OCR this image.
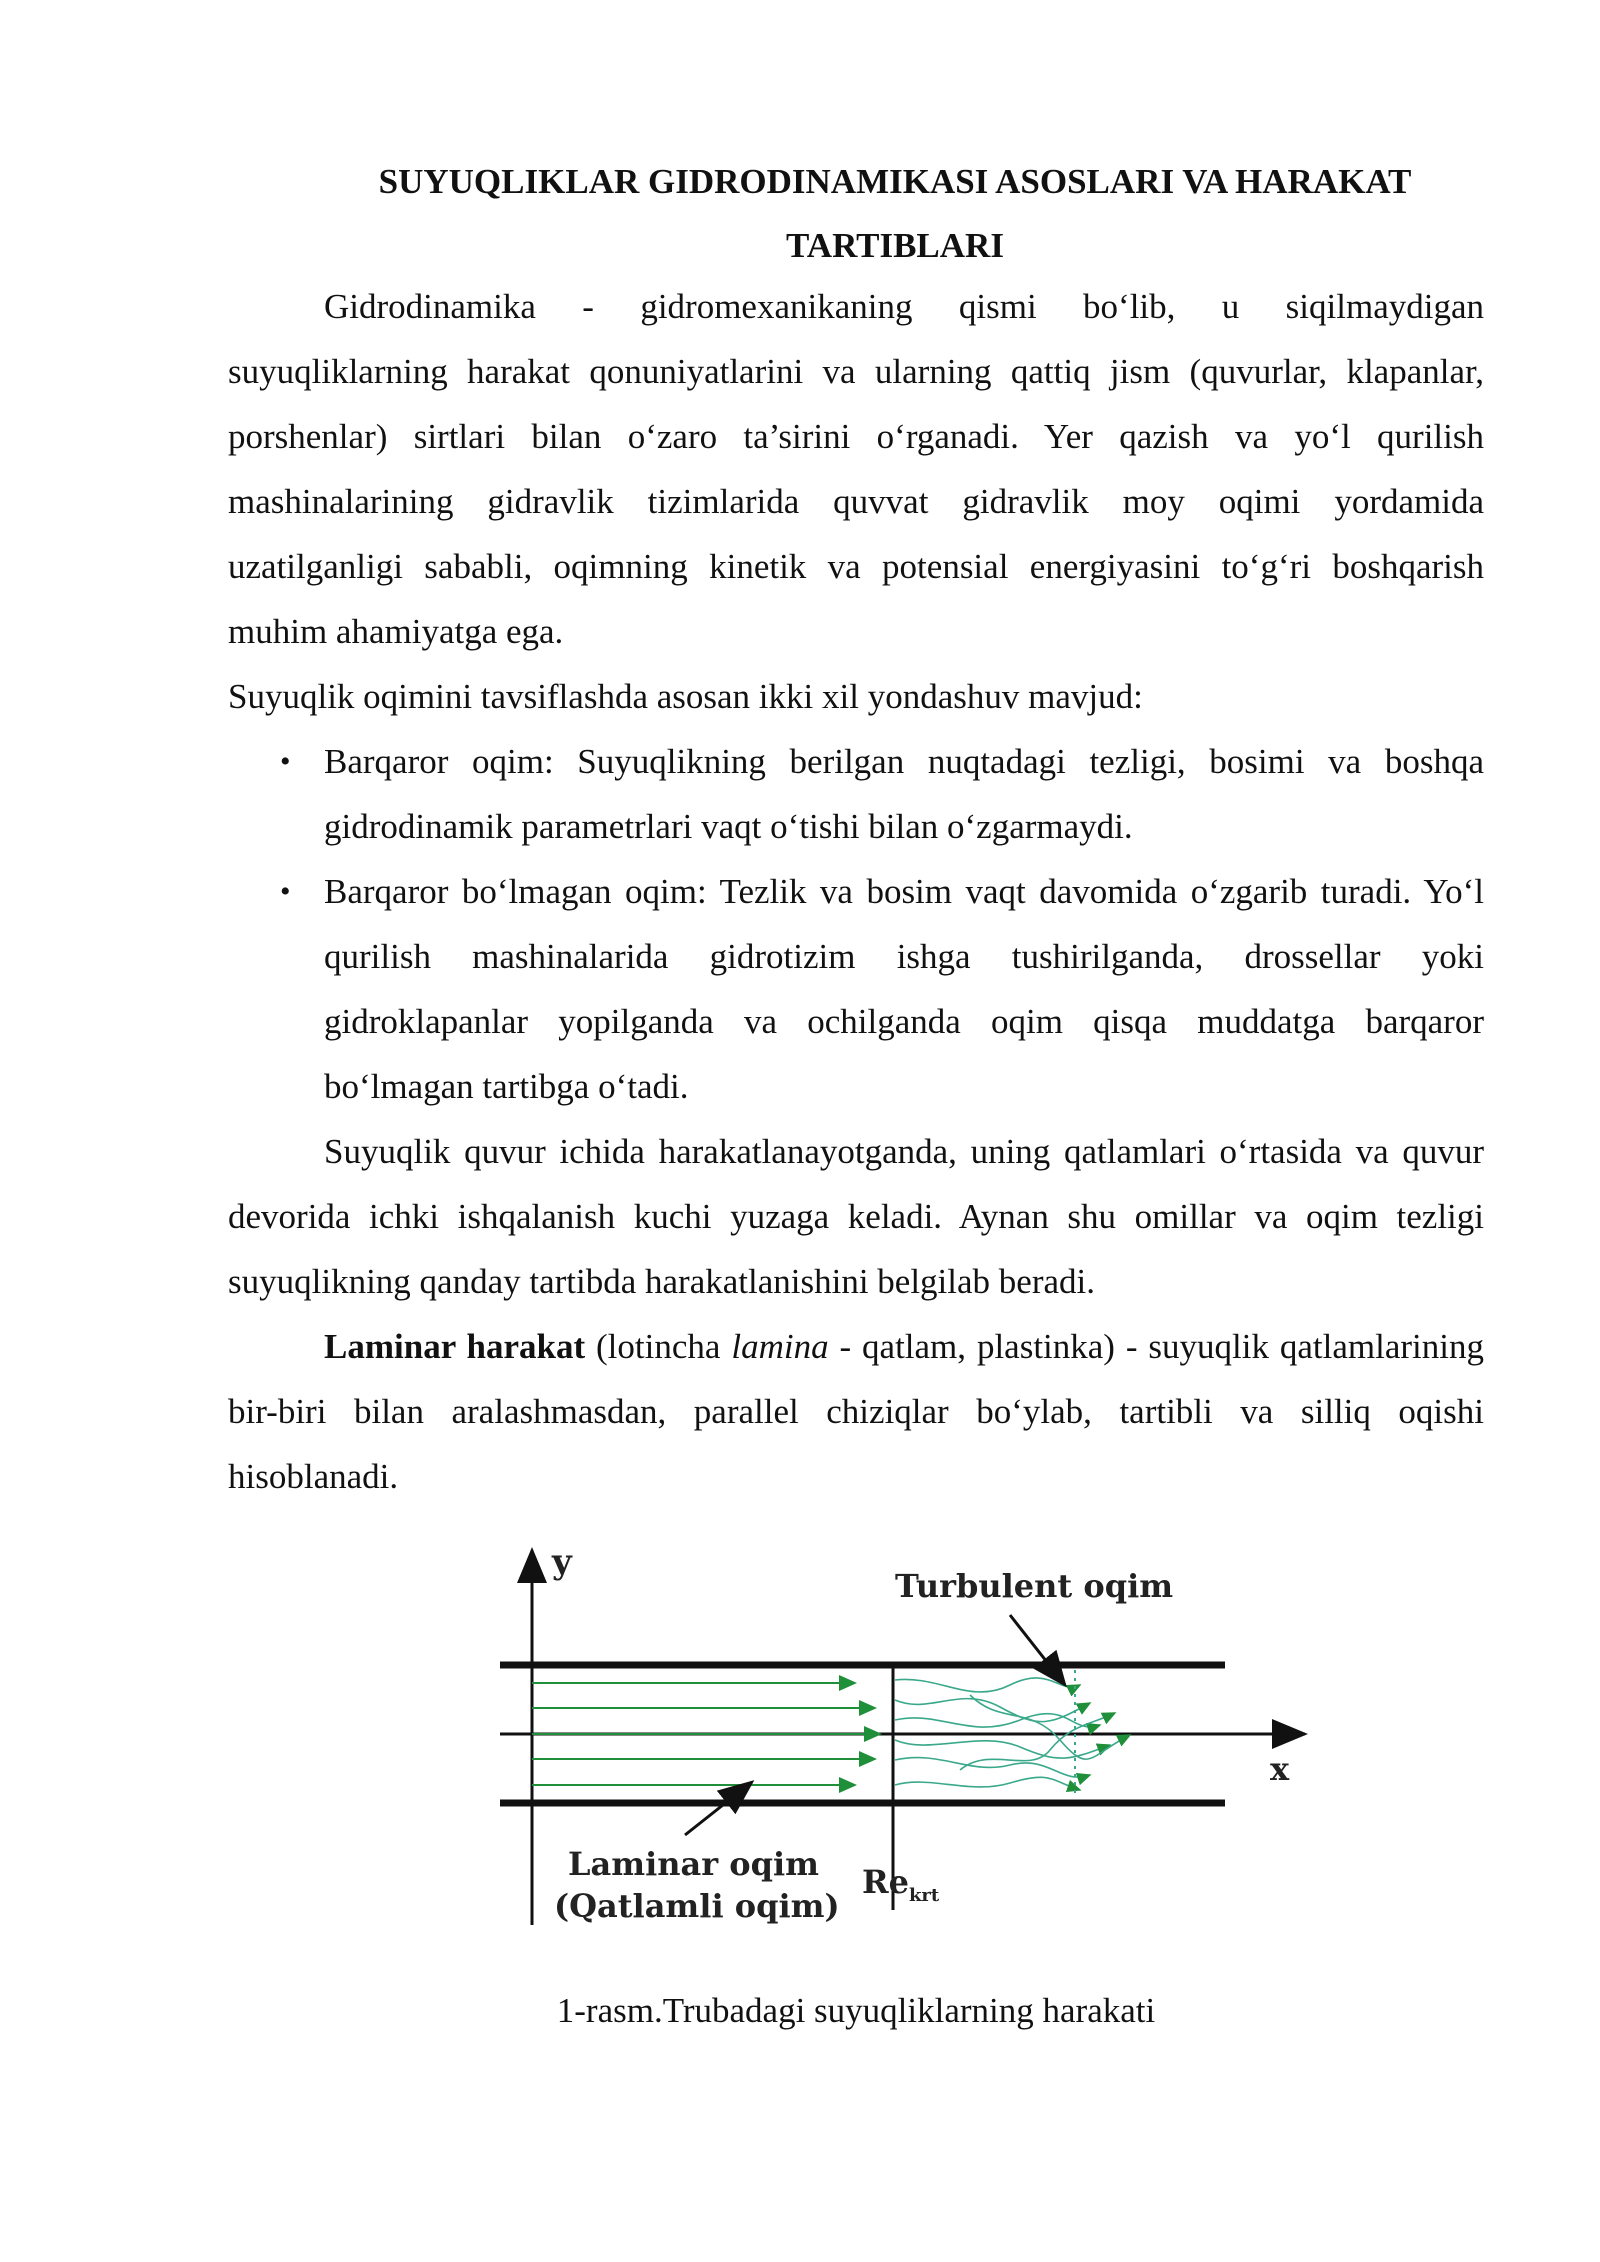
SUYUQLIKLAR GIDRODINAMIKASI ASOSLARI VA HARAKAT
TARTIBLARI

Gidrodinamika - gidromexanikaning qismi bo‘lib, u siqilmaydigan suyuqliklarning harakat qonuniyatlarini va ularning qattiq jism (quvurlar, klapanlar, porshenlar) sirtlari bilan o‘zaro ta’sirini o‘rganadi. Yer qazish va yo‘l qurilish mashinalarining gidravlik tizimlarida quvvat gidravlik moy oqimi yordamida uzatilganligi sababli, oqimning kinetik va potensial energiyasini to‘g‘ri boshqarish muhim ahamiyatga ega.

Suyuqlik oqimini tavsiflashda asosan ikki xil yondashuv mavjud:

• Barqaror oqim: Suyuqlikning berilgan nuqtadagi tezligi, bosimi va boshqa gidrodinamik parametrlari vaqt o‘tishi bilan o‘zgarmaydi.
• Barqaror bo‘lmagan oqim: Tezlik va bosim vaqt davomida o‘zgarib turadi. Yo‘l qurilish mashinalarida gidrotizim ishga tushirilganda, drossellar yoki gidroklapanlar yopilganda va ochilganda oqim qisqa muddatga barqaror bo‘lmagan tartibga o‘tadi.

Suyuqlik quvur ichida harakatlanayotganda, uning qatlamlari o‘rtasida va quvur devorida ichki ishqalanish kuchi yuzaga keladi. Aynan shu omillar va oqim tezligi suyuqlikning qanday tartibda harakatlanishini belgilab beradi.

Laminar harakat (lotincha lamina - qatlam, plastinka) - suyuqlik qatlamlarining bir-biri bilan aralashmasdan, parallel chiziqlar bo‘ylab, tartibli va silliq oqishi hisoblanadi.

y
x
Turbulent oqim
Laminar oqim
(Qatlamli oqim)
$Re_{krt}$
1-rasm.Trubadagi suyuqliklarning harakati
